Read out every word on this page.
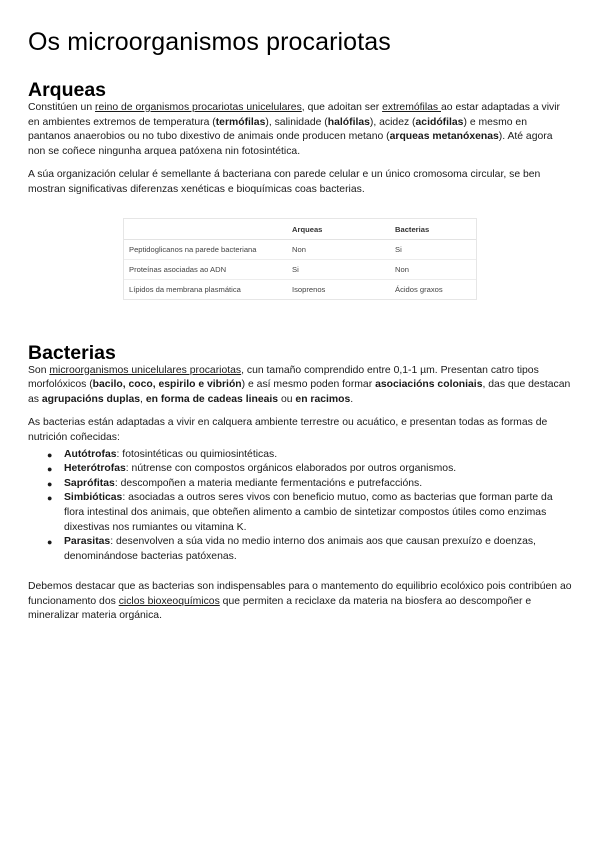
Os microorganismos procariotas
Arqueas

Constitúen un reino de organismos procariotas unicelulares, que adoitan ser extremófilas ao estar adaptadas a vivir en ambientes extremos de temperatura (termófilas), salinidade (halófilas), acidez (acidófilas) e mesmo en pantanos anaerobios ou no tubo dixestivo de animais onde producen metano (arqueas metanóxenas). Até agora non se coñece ningunha arquea patóxena nin fotosintética.

A súa organización celular é semellante á bacteriana con parede celular e un único cromosoma circular, se ben mostran significativas diferenzas xenéticas e bioquímicas coas bacterias.

	Arqueas	Bacterias
Peptidoglicanos na parede bacteriana	Non	Si
Proteínas asociadas ao ADN	Si	Non
Lípidos da membrana plasmática	Isoprenos	Ácidos graxos
Bacterias

Son microorganismos unicelulares procariotas, cun tamaño comprendido entre 0,1-1 µm. Presentan catro tipos morfolóxicos (bacilo, coco, espirilo e vibrión) e así mesmo poden formar asociacións coloniais, das que destacan as agrupacións duplas, en forma de cadeas lineais ou en racimos.

As bacterias están adaptadas a vivir en calquera ambiente terrestre ou acuático, e presentan todas as formas de nutrición coñecidas:

● Autótrofas: fotosintéticas ou quimiosintéticas.
● Heterótrofas: nútrense con compostos orgánicos elaborados por outros organismos.
● Saprófitas: descompoñen a materia mediante fermentacións e putrefaccións.
● Simbióticas: asociadas a outros seres vivos con beneficio mutuo, como as bacterias que forman parte da flora intestinal dos animais, que obteñen alimento a cambio de sintetizar compostos útiles como enzimas dixestivas nos rumiantes ou vitamina K.
● Parasitas: desenvolven a súa vida no medio interno dos animais aos que causan prexuízo e doenzas, denominándose bacterias patóxenas.

Debemos destacar que as bacterias son indispensables para o mantemento do equilibrio ecolóxico pois contribúen ao funcionamento dos ciclos bioxeoquímicos que permiten a reciclaxe da materia na biosfera ao descompoñer e mineralizar materia orgánica.
